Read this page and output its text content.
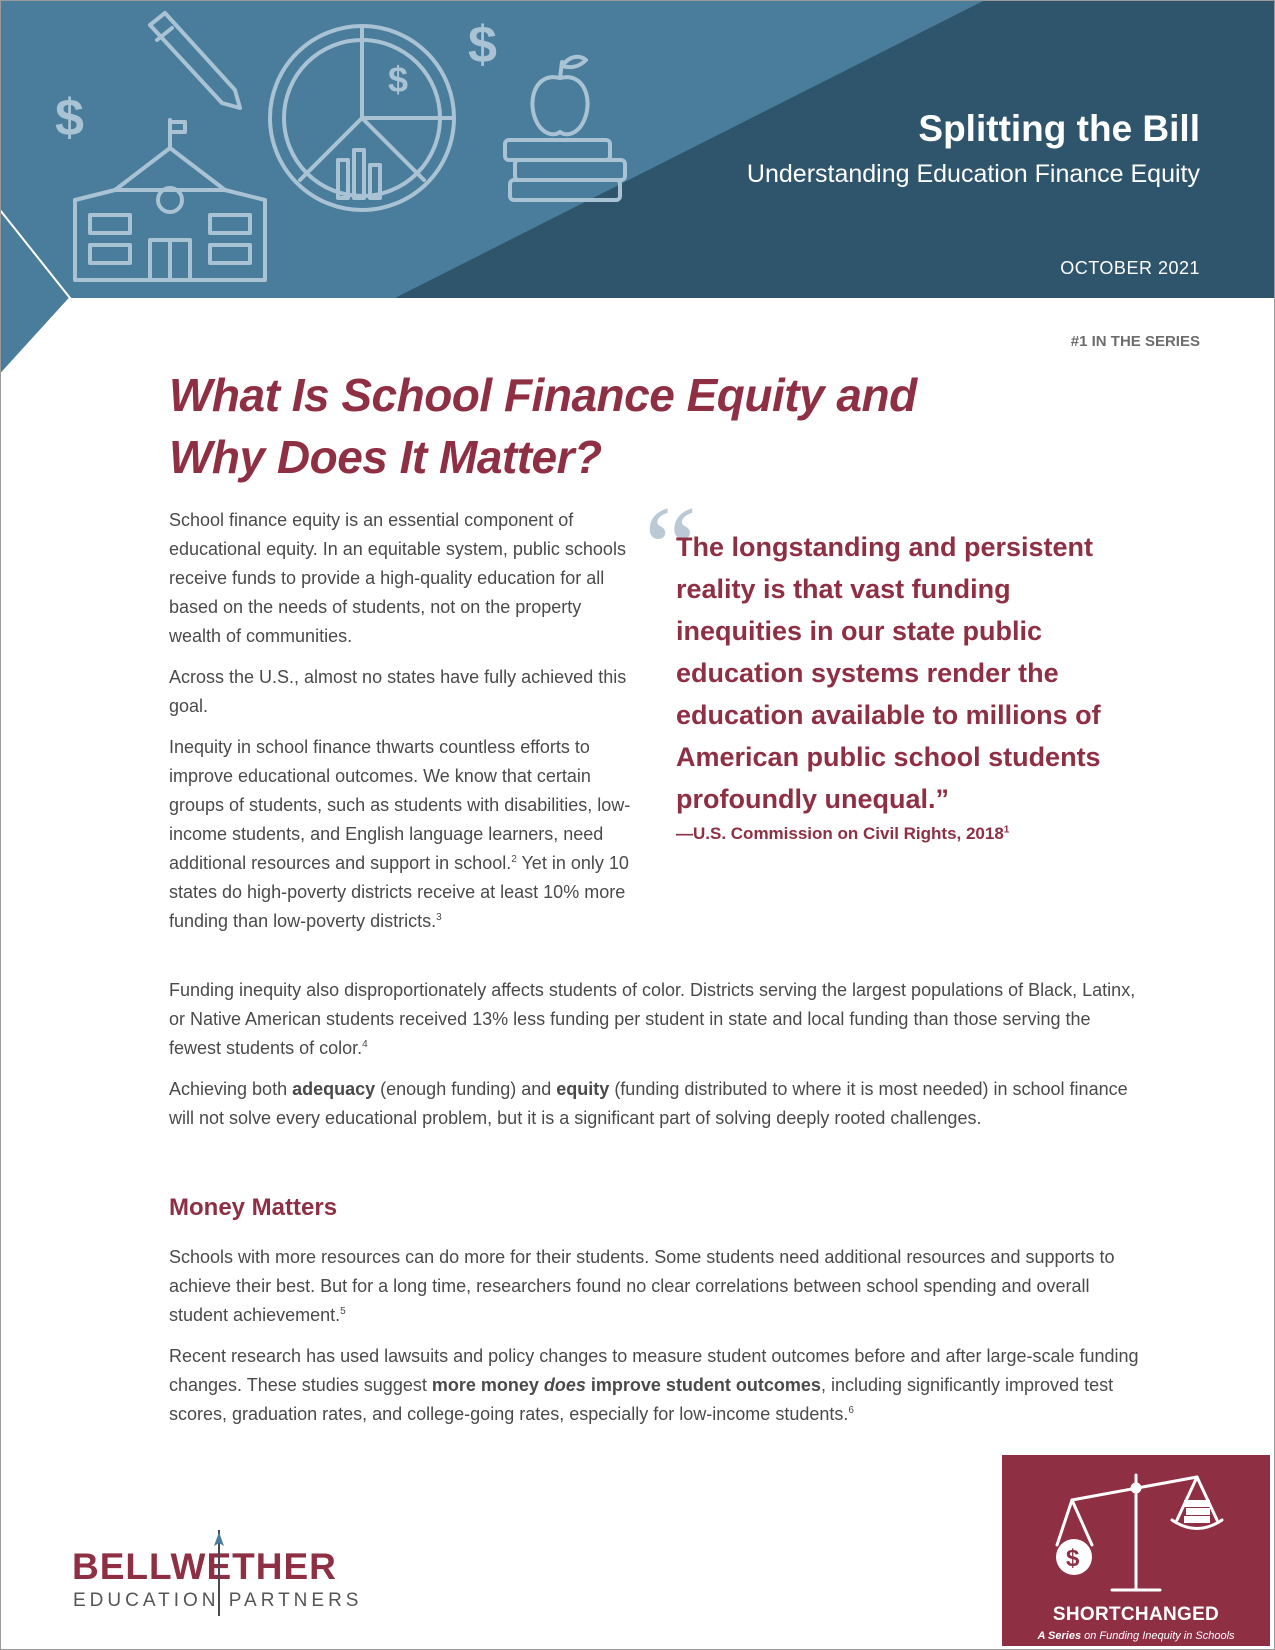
$
$
$
Splitting the Bill
Understanding Education Finance Equity
OCTOBER 2021
#1 IN THE SERIES
What Is School Finance Equity and
Why Does It Matter?

School finance equity is an essential component of educational equity. In an equitable system, public schools receive funds to provide a high-quality education for all based on the needs of students, not on the property wealth of communities.

Across the U.S., almost no states have fully achieved this goal.

Inequity in school finance thwarts countless efforts to improve educational outcomes. We know that certain groups of students, such as students with disabilities, low-income students, and English language learners, need additional resources and support in school.$^2$ Yet in only 10 states do high-poverty districts receive at least 10% more funding than low-poverty districts.$^3$

“

The longstanding and persistent reality is that vast funding inequities in our state public education systems render the education available to millions of American public school students profoundly unequal.”

—U.S. Commission on Civil Rights, 2018$^1$

Funding inequity also disproportionately affects students of color. Districts serving the largest populations of Black, Latinx, or Native American students received 13% less funding per student in state and local funding than those serving the fewest students of color.$^4$

Achieving both adequacy (enough funding) and equity (funding distributed to where it is most needed) in school finance will not solve every educational problem, but it is a significant part of solving deeply rooted challenges.

Money Matters

Schools with more resources can do more for their students. Some students need additional resources and supports to achieve their best. But for a long time, researchers found no clear correlations between school spending and overall student achievement.$^5$

Recent research has used lawsuits and policy changes to measure student outcomes before and after large-scale funding changes. These studies suggest more money does improve student outcomes, including significantly improved test scores, graduation rates, and college-going rates, especially for low-income students.$^6$

BELLWETHER
EDUCATION PARTNERS
$
SHORTCHANGED
A Series on Funding Inequity in Schools
